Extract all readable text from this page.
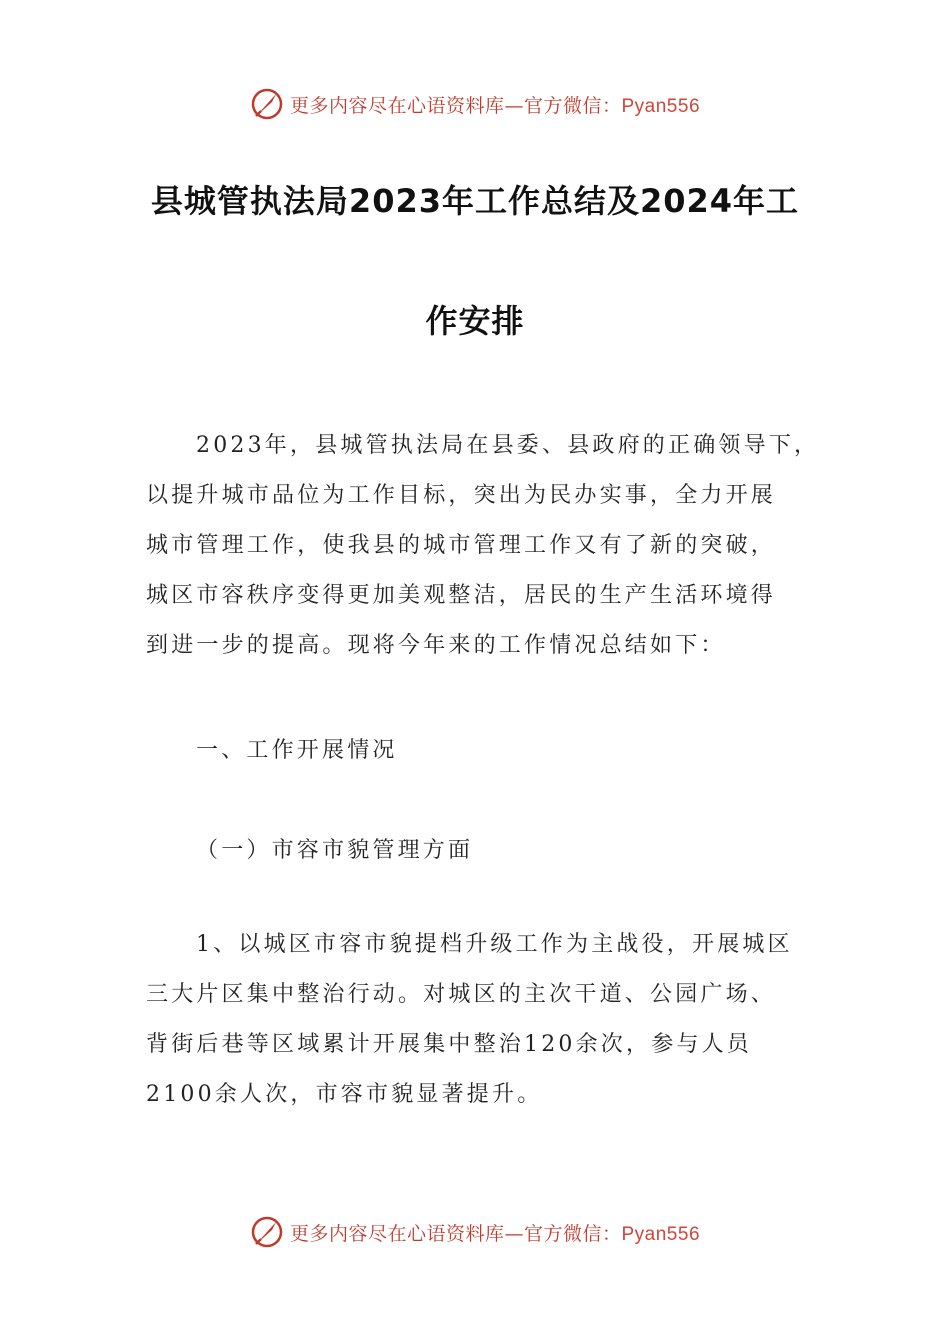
更多内容尽在心语资料库—官方微信：Pyan556
县城管执法局2023年工作总结及2024年工
作安排

2023年，县城管执法局在县委、县政府的正确领导下，
以提升城市品位为工作目标，突出为民办实事，全力开展
城市管理工作，使我县的城市管理工作又有了新的突破，
城区市容秩序变得更加美观整洁，居民的生产生活环境得
到进一步的提高。现将今年来的工作情况总结如下：

一、工作开展情况

（一）市容市貌管理方面

1、以城区市容市貌提档升级工作为主战役，开展城区
三大片区集中整治行动。对城区的主次干道、公园广场、
背街后巷等区域累计开展集中整治120余次，参与人员
2100余人次，市容市貌显著提升。

更多内容尽在心语资料库—官方微信：Pyan556
